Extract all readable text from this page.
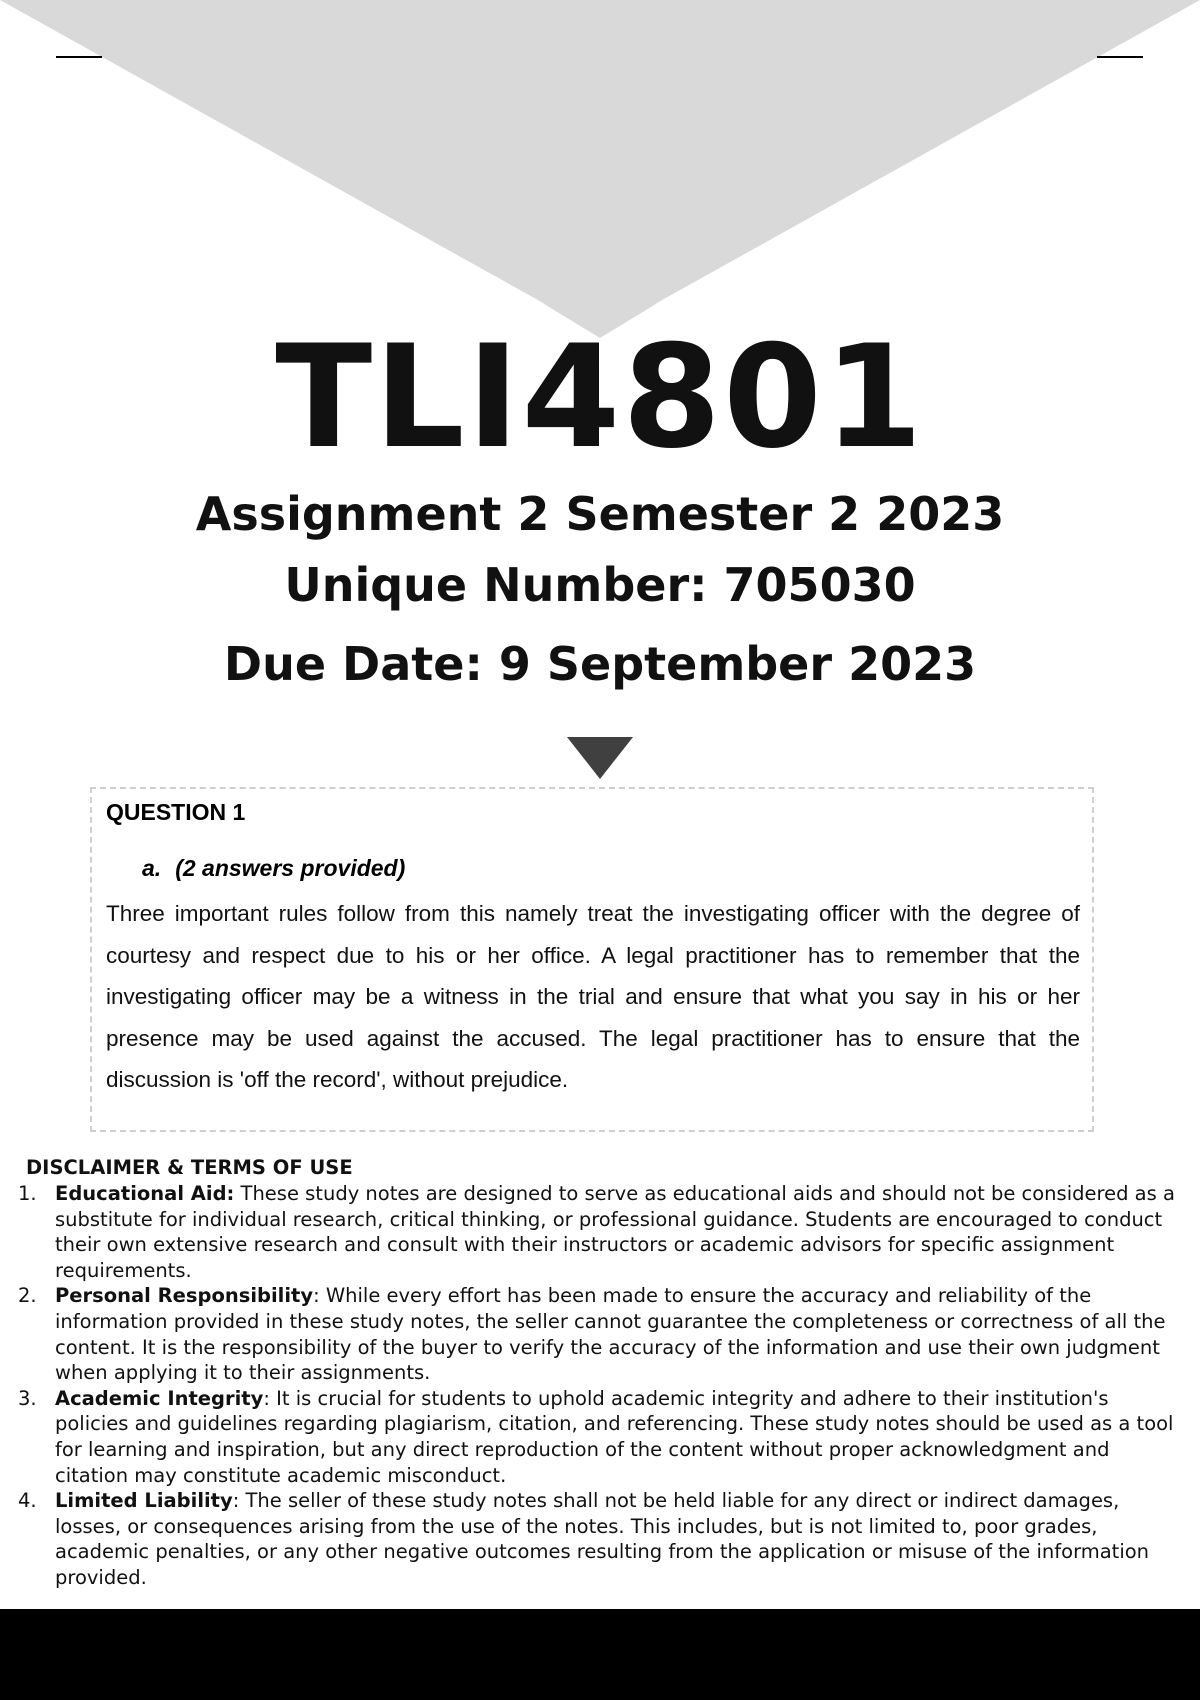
TLI4801
Assignment 2 Semester 2 2023
Unique Number: 705030
Due Date: 9 September 2023
QUESTION 1
a. (2 answers provided)
Three important rules follow from this namely treat the investigating officer with the degree of courtesy and respect due to his or her office. A legal practitioner has to remember that the investigating officer may be a witness in the trial and ensure that what you say in his or her presence may be used against the accused. The legal practitioner has to ensure that the discussion is 'off the record', without prejudice.
DISCLAIMER & TERMS OF USE
1. Educational Aid: These study notes are designed to serve as educational aids and should not be considered as a substitute for individual research, critical thinking, or professional guidance. Students are encouraged to conduct their own extensive research and consult with their instructors or academic advisors for specific assignment requirements.
2. Personal Responsibility: While every effort has been made to ensure the accuracy and reliability of the information provided in these study notes, the seller cannot guarantee the completeness or correctness of all the content. It is the responsibility of the buyer to verify the accuracy of the information and use their own judgment when applying it to their assignments.
3. Academic Integrity: It is crucial for students to uphold academic integrity and adhere to their institution's policies and guidelines regarding plagiarism, citation, and referencing. These study notes should be used as a tool for learning and inspiration, but any direct reproduction of the content without proper acknowledgment and citation may constitute academic misconduct.
4. Limited Liability: The seller of these study notes shall not be held liable for any direct or indirect damages, losses, or consequences arising from the use of the notes. This includes, but is not limited to, poor grades, academic penalties, or any other negative outcomes resulting from the application or misuse of the information provided.
